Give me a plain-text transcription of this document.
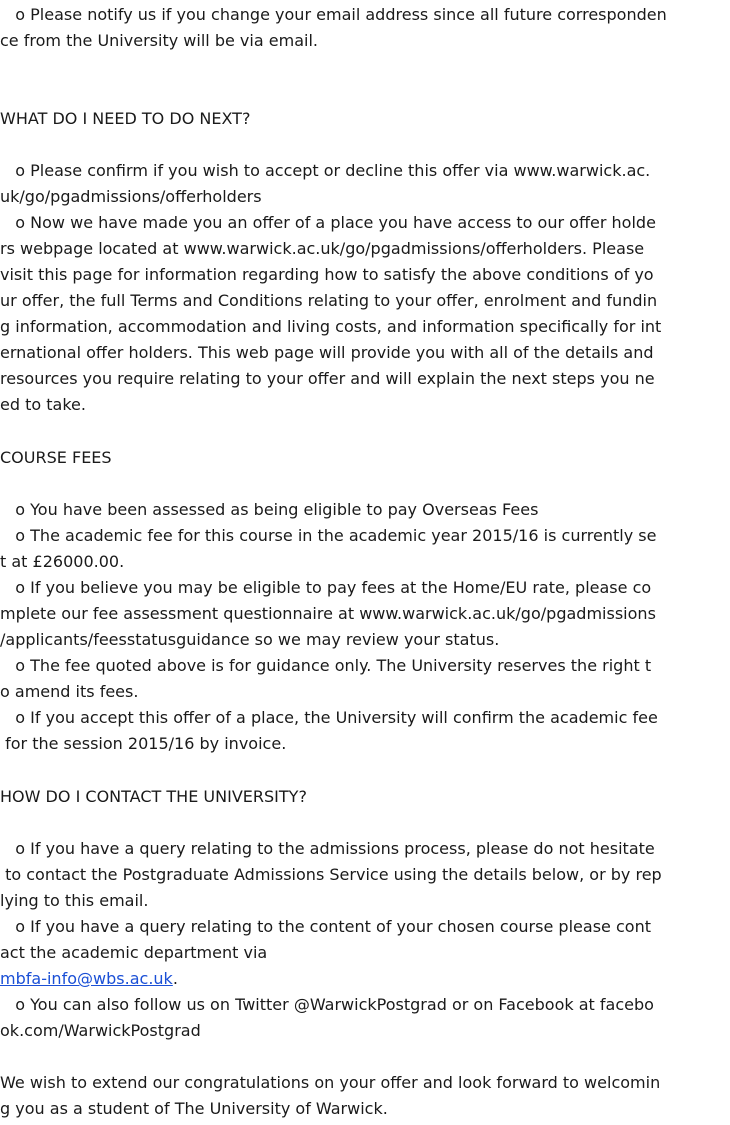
o Please notify us if you change your email address since all future corresponden
ce from the University will be via email.
WHAT DO I NEED TO DO NEXT?
o Please confirm if you wish to accept or decline this offer via www.warwick.ac.
uk/go/pgadmissions/offerholders
o Now we have made you an offer of a place you have access to our offer holde
rs webpage located at www.warwick.ac.uk/go/pgadmissions/offerholders. Please
visit this page for information regarding how to satisfy the above conditions of yo
ur offer, the full Terms and Conditions relating to your offer, enrolment and fundin
g information, accommodation and living costs, and information specifically for int
ernational offer holders. This web page will provide you with all of the details and
resources you require relating to your offer and will explain the next steps you ne
ed to take.
COURSE FEES
o You have been assessed as being eligible to pay Overseas Fees
o The academic fee for this course in the academic year 2015/16 is currently se
t at £26000.00.
o If you believe you may be eligible to pay fees at the Home/EU rate, please co
mplete our fee assessment questionnaire at www.warwick.ac.uk/go/pgadmissions
/applicants/feesstatusguidance so we may review your status.
o The fee quoted above is for guidance only. The University reserves the right t
o amend its fees.
o If you accept this offer of a place, the University will confirm the academic fee
for the session 2015/16 by invoice.
HOW DO I CONTACT THE UNIVERSITY?
o If you have a query relating to the admissions process, please do not hesitate
to contact the Postgraduate Admissions Service using the details below, or by rep
lying to this email.
o If you have a query relating to the content of your chosen course please cont
act the academic department via
mbfa-info@wbs.ac.uk.
o You can also follow us on Twitter @WarwickPostgrad or on Facebook at facebo
ok.com/WarwickPostgrad
We wish to extend our congratulations on your offer and look forward to welcomin
g you as a student of The University of Warwick.
